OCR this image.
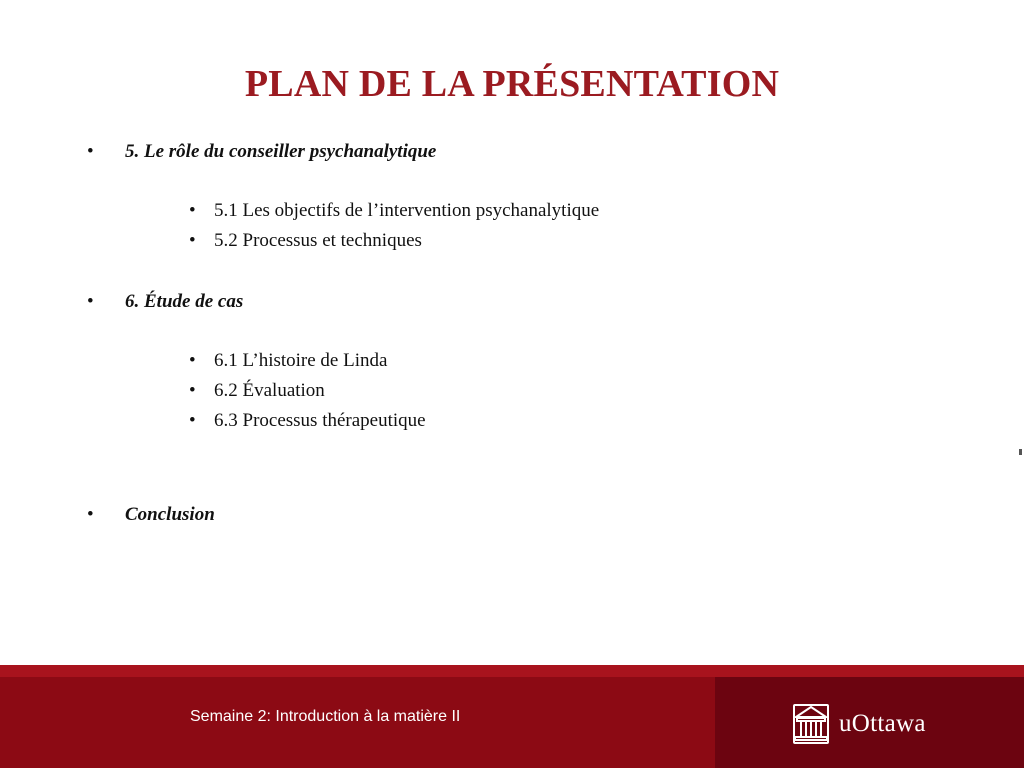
PLAN DE LA PRÉSENTATION
• 5. Le rôle du conseiller psychanalytique
• 5.1 Les objectifs de l’intervention psychanalytique
• 5.2 Processus et techniques
• 6. Étude de cas
• 6.1 L’histoire de Linda
• 6.2 Évaluation
• 6.3 Processus thérapeutique
• Conclusion
Semaine 2: Introduction à la matière II	uOttawa
